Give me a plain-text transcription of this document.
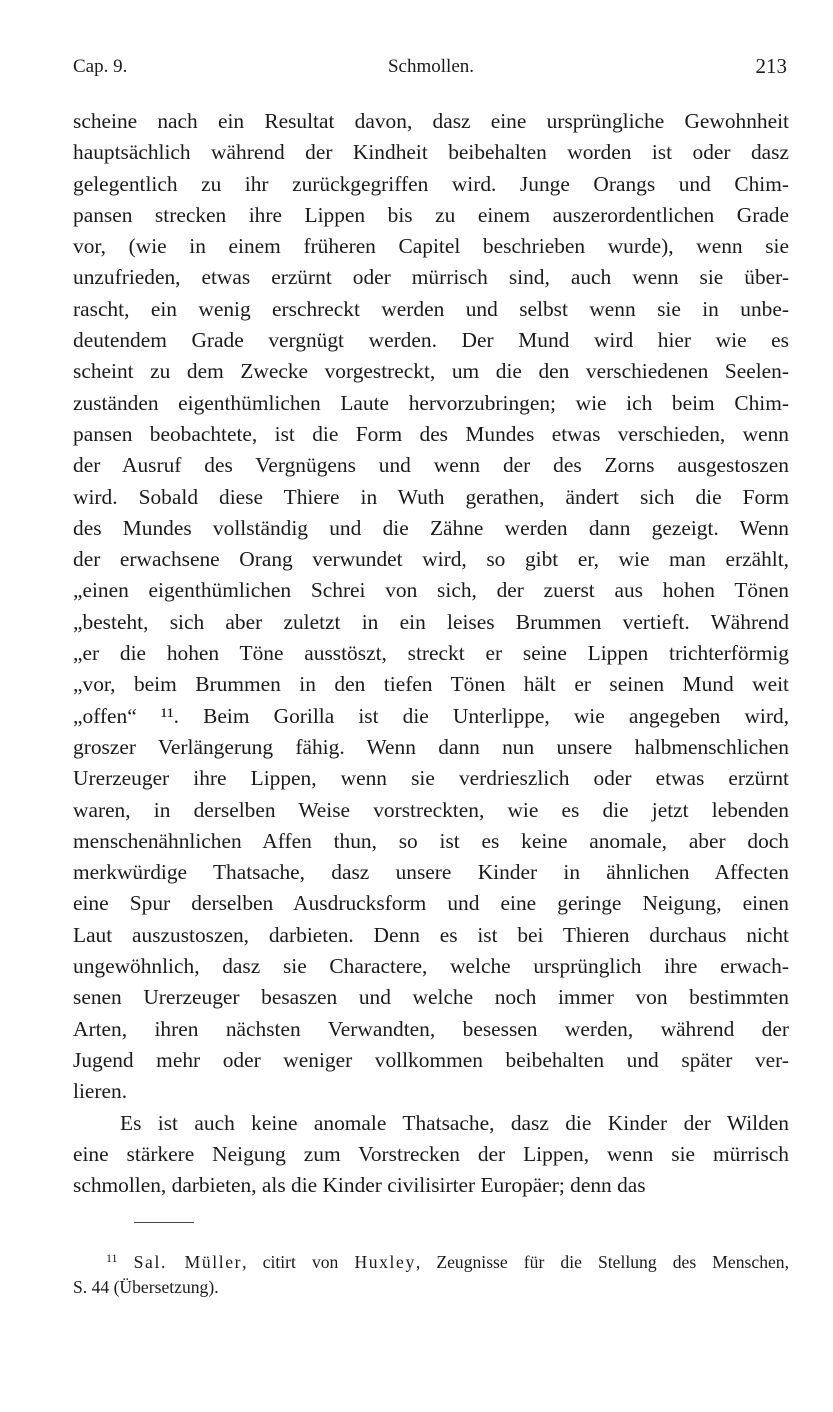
Cap. 9.	Schmollen.	213
scheine nach ein Resultat davon, dasz eine ursprüngliche Gewohnheit
hauptsächlich während der Kindheit beibehalten worden ist oder dasz
gelegentlich zu ihr zurückgegriffen wird. Junge Orangs und Chim-
pansen strecken ihre Lippen bis zu einem auszerordentlichen Grade
vor, (wie in einem früheren Capitel beschrieben wurde), wenn sie
unzufrieden, etwas erzürnt oder mürrisch sind, auch wenn sie über-
rascht, ein wenig erschreckt werden und selbst wenn sie in unbe-
deutendem Grade vergnügt werden. Der Mund wird hier wie es
scheint zu dem Zwecke vorgestreckt, um die den verschiedenen Seelen-
zuständen eigenthümlichen Laute hervorzubringen; wie ich beim Chim-
pansen beobachtete, ist die Form des Mundes etwas verschieden, wenn
der Ausruf des Vergnügens und wenn der des Zorns ausgestoszen
wird. Sobald diese Thiere in Wuth gerathen, ändert sich die Form
des Mundes vollständig und die Zähne werden dann gezeigt. Wenn
der erwachsene Orang verwundet wird, so gibt er, wie man erzählt,
„einen eigenthümlichen Schrei von sich, der zuerst aus hohen Tönen
„besteht, sich aber zuletzt in ein leises Brummen vertieft. Während
„er die hohen Töne ausstöszt, streckt er seine Lippen trichterförmig
„vor, beim Brummen in den tiefen Tönen hält er seinen Mund weit
„offen“ ¹¹. Beim Gorilla ist die Unterlippe, wie angegeben wird,
groszer Verlängerung fähig. Wenn dann nun unsere halbmenschlichen
Urerzeuger ihre Lippen, wenn sie verdrieszlich oder etwas erzürnt
waren, in derselben Weise vorstreckten, wie es die jetzt lebenden
menschenähnlichen Affen thun, so ist es keine anomale, aber doch
merkwürdige Thatsache, dasz unsere Kinder in ähnlichen Affecten
eine Spur derselben Ausdrucksform und eine geringe Neigung, einen
Laut auszustoszen, darbieten. Denn es ist bei Thieren durchaus nicht
ungewöhnlich, dasz sie Charactere, welche ursprünglich ihre erwach-
senen Urerzeuger besaszen und welche noch immer von bestimmten
Arten, ihren nächsten Verwandten, besessen werden, während der
Jugend mehr oder weniger vollkommen beibehalten und später ver-
lieren.
Es ist auch keine anomale Thatsache, dasz die Kinder der Wilden
eine stärkere Neigung zum Vorstrecken der Lippen, wenn sie mürrisch
schmollen, darbieten, als die Kinder civilisirter Europäer; denn das
$^{11}$ Sal. Müller, citirt von Huxley, Zeugnisse für die Stellung des Menschen,
S. 44 (Übersetzung).
